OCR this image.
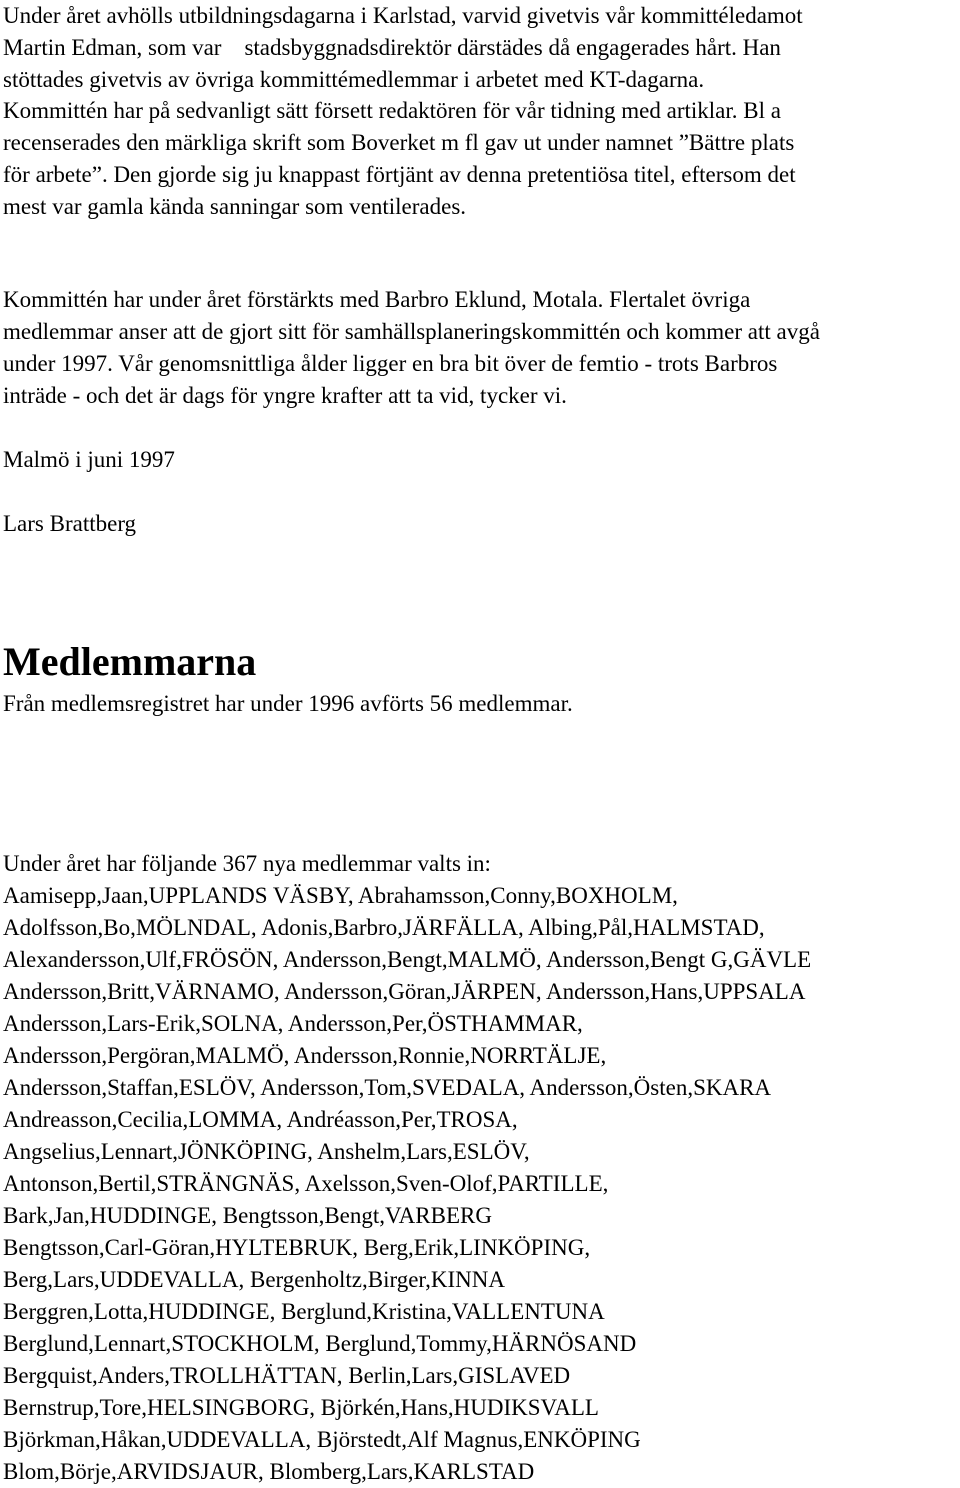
Under året avhölls utbildningsdagarna i Karlstad, varvid givetvis vår kommittéledamot
Martin Edman, som var    stadsbyggnadsdirektör därstädes då engagerades hårt. Han
stöttades givetvis av övriga kommittémedlemmar i arbetet med KT-dagarna.

Kommittén har på sedvanligt sätt försett redaktören för vår tidning med artiklar. Bl a
recenserades den märkliga skrift som Boverket m fl gav ut under namnet ”Bättre plats
för arbete”. Den gjorde sig ju knappast förtjänt av denna pretentiösa titel, eftersom det
mest var gamla kända sanningar som ventilerades.

Kommittén har under året förstärkts med Barbro Eklund, Motala. Flertalet övriga
medlemmar anser att de gjort sitt för samhällsplaneringskommittén och kommer att avgå
under 1997. Vår genomsnittliga ålder ligger en bra bit över de femtio - trots Barbros
inträde - och det är dags för yngre krafter att ta vid, tycker vi.

Malmö i juni 1997

Lars Brattberg

Medlemmarna

Från medlemsregistret har under 1996 avförts 56 medlemmar.

Under året har följande 367 nya medlemmar valts in:
Aamisepp,Jaan,UPPLANDS VÄSBY, Abrahamsson,Conny,BOXHOLM,
Adolfsson,Bo,MÖLNDAL, Adonis,Barbro,JÄRFÄLLA, Albing,Pål,HALMSTAD,
Alexandersson,Ulf,FRÖSÖN, Andersson,Bengt,MALMÖ, Andersson,Bengt G,GÄVLE
Andersson,Britt,VÄRNAMO, Andersson,Göran,JÄRPEN, Andersson,Hans,UPPSALA
Andersson,Lars-Erik,SOLNA, Andersson,Per,ÖSTHAMMAR,
Andersson,Pergöran,MALMÖ, Andersson,Ronnie,NORRTÄLJE,
Andersson,Staffan,ESLÖV, Andersson,Tom,SVEDALA, Andersson,Östen,SKARA
Andreasson,Cecilia,LOMMA, Andréasson,Per,TROSA,
Angselius,Lennart,JÖNKÖPING, Anshelm,Lars,ESLÖV,
Antonson,Bertil,STRÄNGNÄS, Axelsson,Sven-Olof,PARTILLE,
Bark,Jan,HUDDINGE, Bengtsson,Bengt,VARBERG
Bengtsson,Carl-Göran,HYLTEBRUK, Berg,Erik,LINKÖPING,
Berg,Lars,UDDEVALLA, Bergenholtz,Birger,KINNA
Berggren,Lotta,HUDDINGE, Berglund,Kristina,VALLENTUNA
Berglund,Lennart,STOCKHOLM, Berglund,Tommy,HÄRNÖSAND
Bergquist,Anders,TROLLHÄTTAN, Berlin,Lars,GISLAVED
Bernstrup,Tore,HELSINGBORG, Björkén,Hans,HUDIKSVALL
Björkman,Håkan,UDDEVALLA, Björstedt,Alf Magnus,ENKÖPING
Blom,Börje,ARVIDSJAUR, Blomberg,Lars,KARLSTAD
